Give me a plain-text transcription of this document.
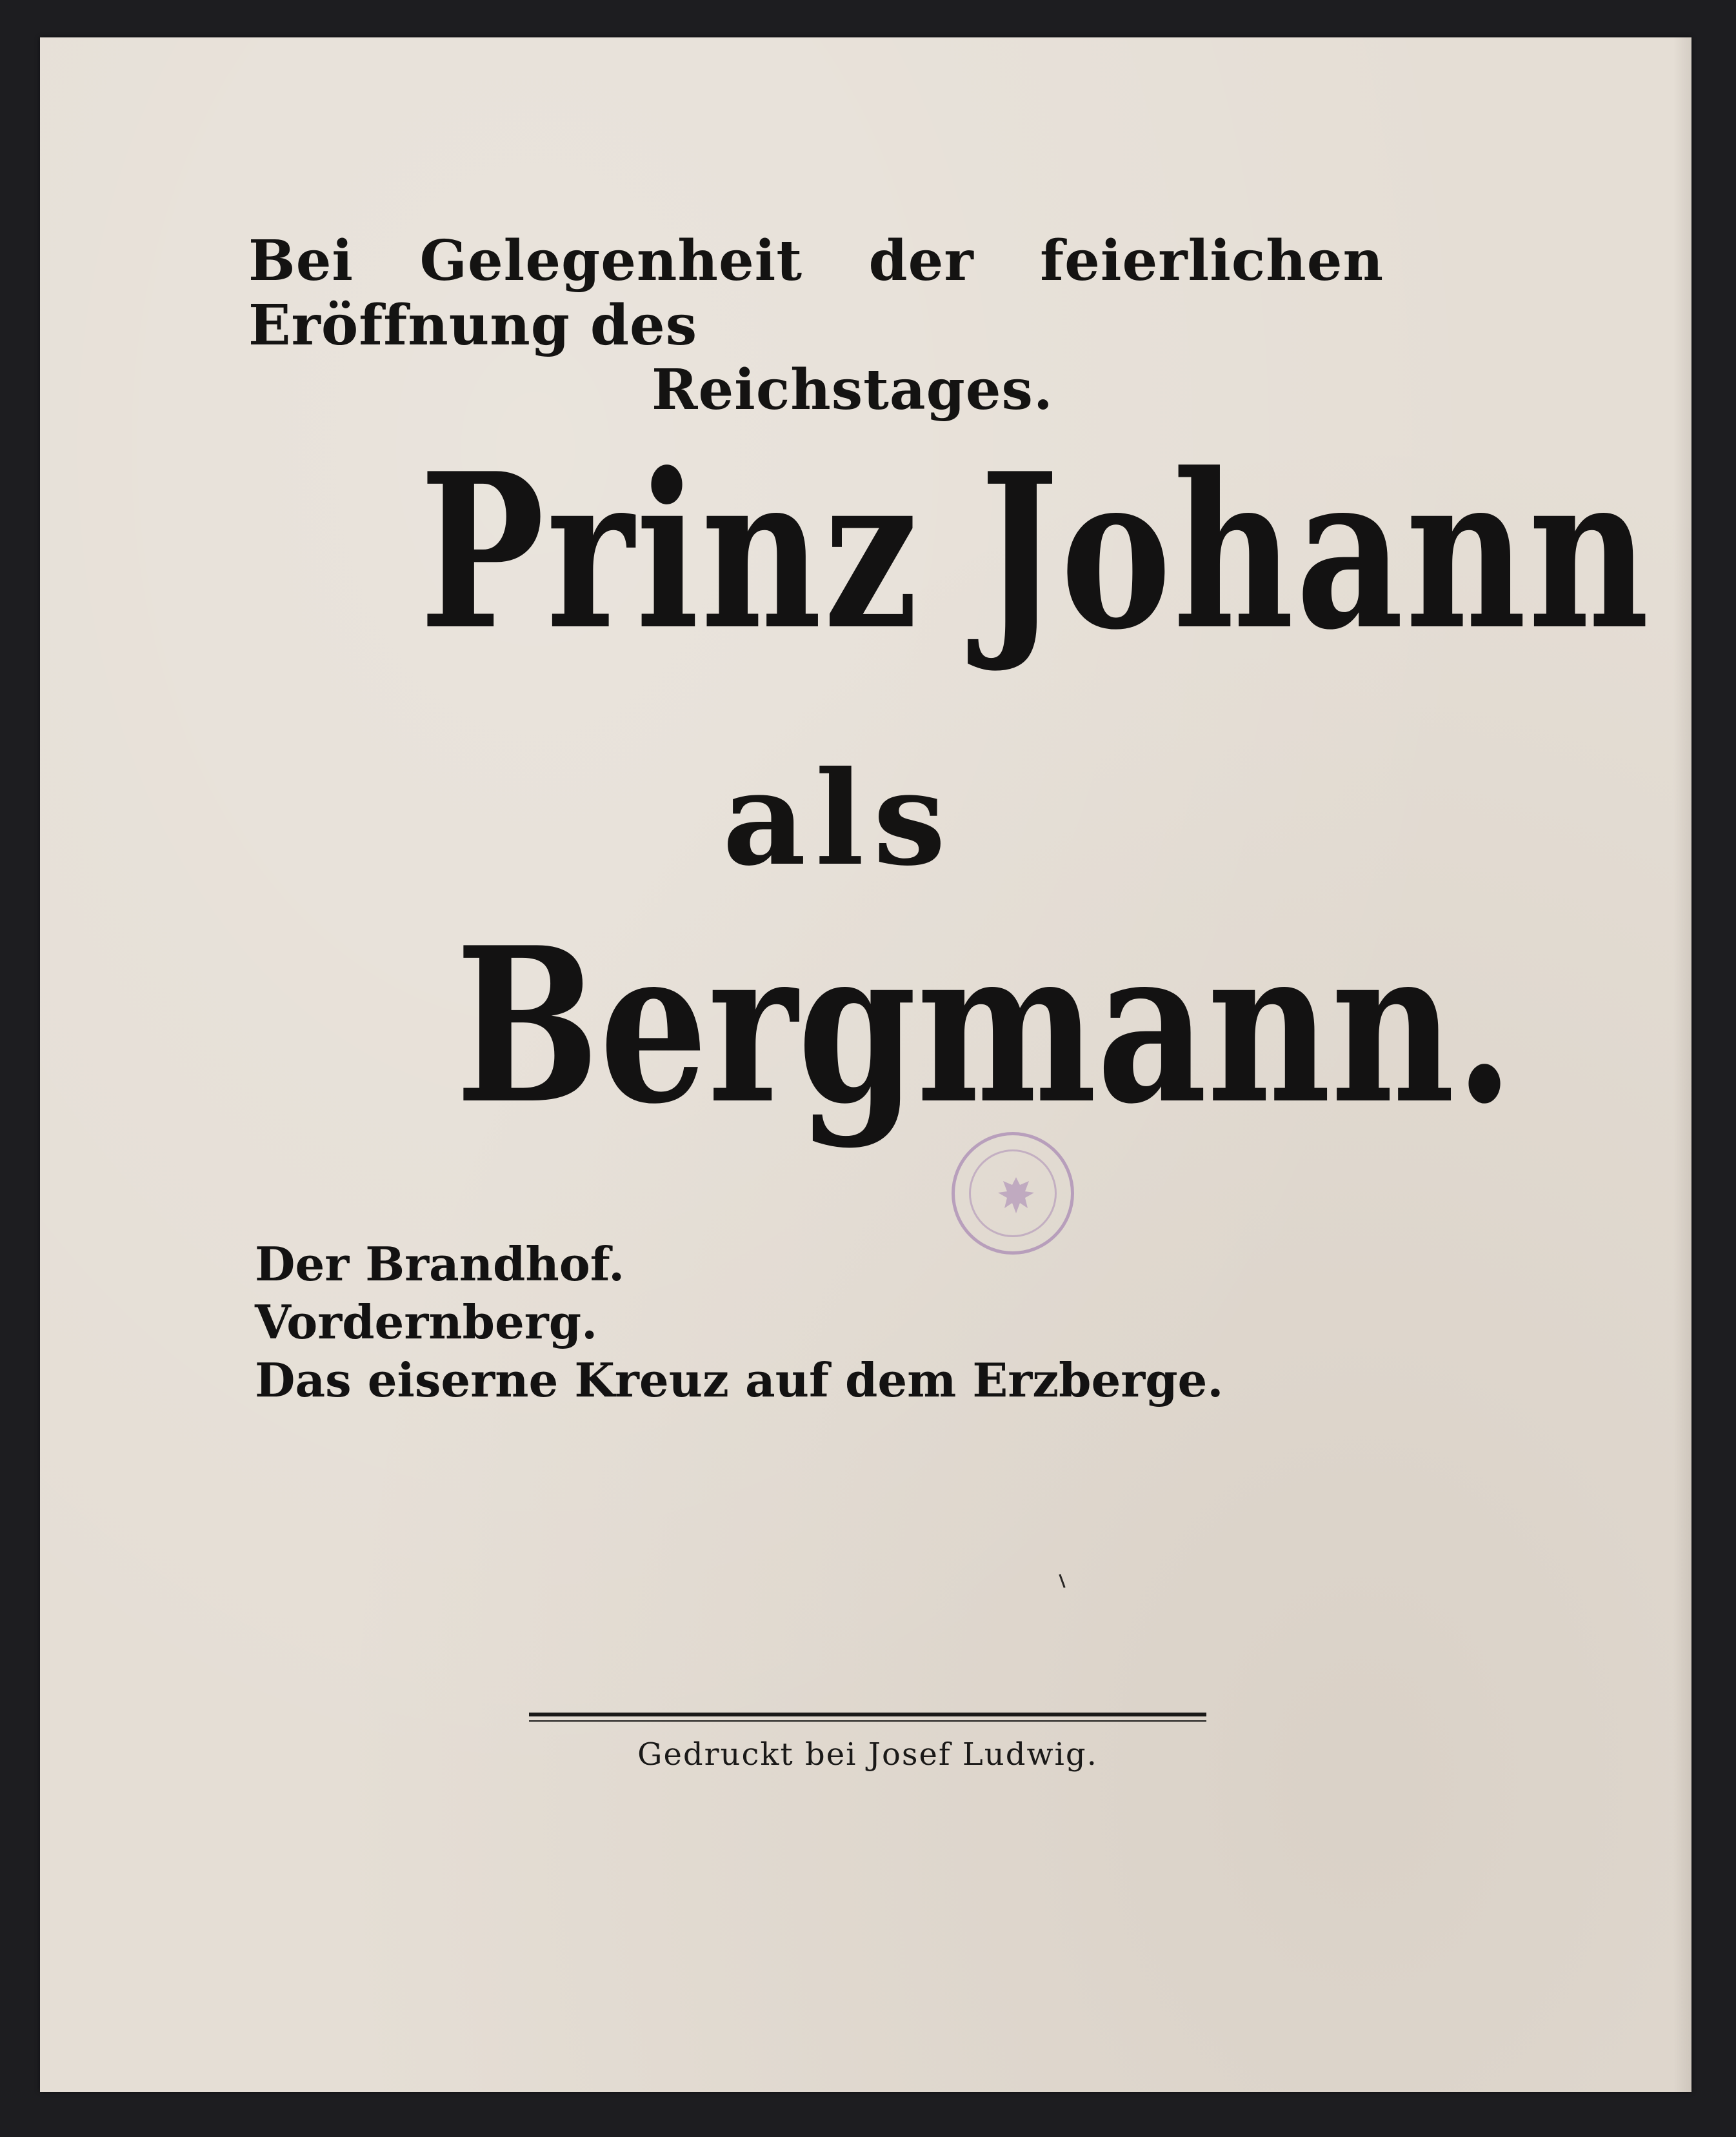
Bei Gelegenheit der feierlichen Eröffnung des
Reichstages.
Prinz Johann
als
Bergmann.
Der Brandhof.
Vordernberg.
Das eiserne Kreuz auf dem Erzberge.
Gedruckt bei Josef Ludwig.
